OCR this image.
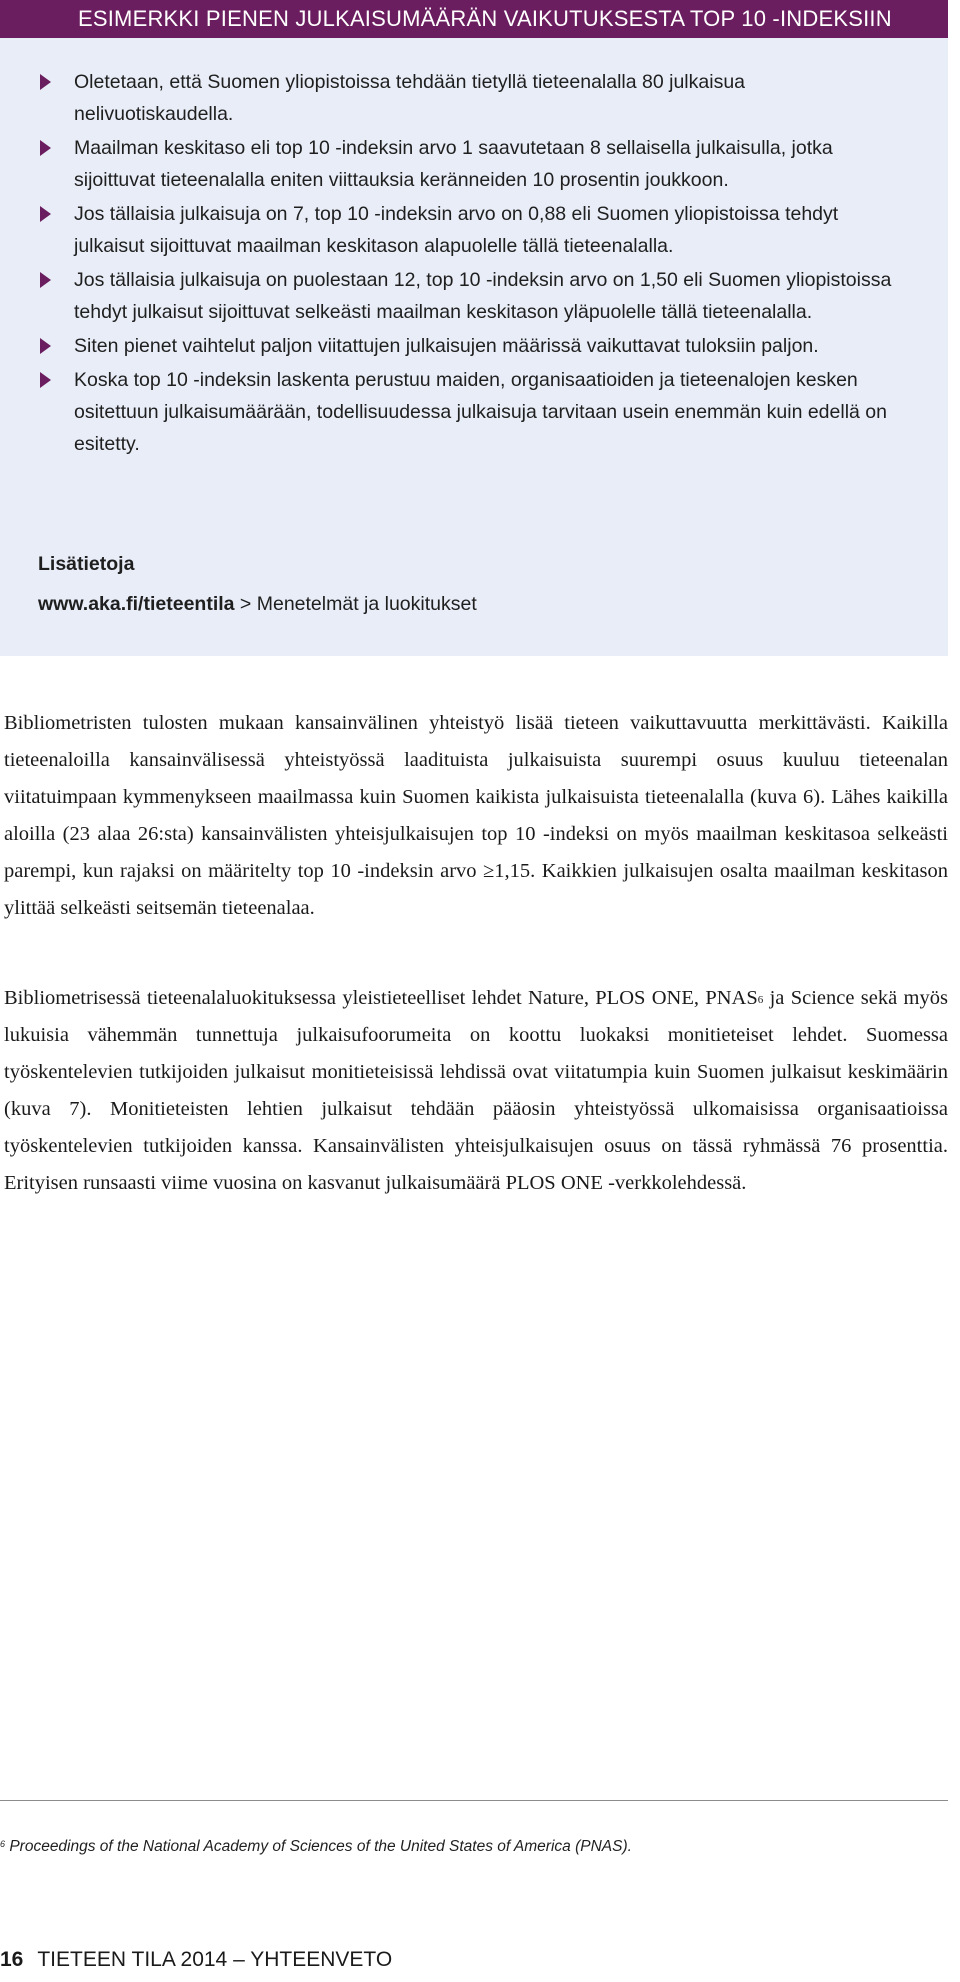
ESIMERKKI PIENEN JULKAISUMÄÄRÄN VAIKUTUKSESTA TOP 10 -INDEKSIIN
Oletetaan, että Suomen yliopistoissa tehdään tietyllä tieteenalalla 80 julkaisua nelivuotiskaudella.
Maailman keskitaso eli top 10 -indeksin arvo 1 saavutetaan 8 sellaisella julkaisulla, jotka sijoittuvat tieteenalalla eniten viittauksia keränneiden 10 prosentin joukkoon.
Jos tällaisia julkaisuja on 7, top 10 -indeksin arvo on 0,88 eli Suomen yliopistoissa tehdyt julkaisut sijoittuvat maailman keskitason alapuolelle tällä tieteenalalla.
Jos tällaisia julkaisuja on puolestaan 12, top 10 -indeksin arvo on 1,50 eli Suomen yliopistoissa tehdyt julkaisut sijoittuvat selkeästi maailman keskitason yläpuolelle tällä tieteenalalla.
Siten pienet vaihtelut paljon viitattujen julkaisujen määrissä vaikuttavat tuloksiin paljon.
Koska top 10 -indeksin laskenta perustuu maiden, organisaatioiden ja tieteenalojen kesken ositettuun julkaisumäärään, todellisuudessa julkaisuja tarvitaan usein enemmän kuin edellä on esitetty.
Lisätietoja
www.aka.fi/tieteentila > Menetelmät ja luokitukset

Bibliometristen tulosten mukaan kansainvälinen yhteistyö lisää tieteen vaikuttavuutta merkittävästi. Kaikilla tieteenaloilla kansainvälisessä yhteistyössä laadituista julkaisuista suurempi osuus kuuluu tieteenalan viitatuimpaan kymmenykseen maailmassa kuin Suomen kaikista julkaisuista tieteenalalla (kuva 6). Lähes kaikilla aloilla (23 alaa 26:sta) kansainvälisten yhteisjulkaisujen top 10 -indeksi on myös maailman keskitasoa selkeästi parempi, kun rajaksi on määritelty top 10 -indeksin arvo ≥1,15. Kaikkien julkaisujen osalta maailman keskitason ylittää selkeästi seitsemän tieteenalaa.

Bibliometrisessä tieteenalaluokituksessa yleistieteelliset lehdet Nature, PLOS ONE, PNAS$^6$ ja Science sekä myös lukuisia vähemmän tunnettuja julkaisufoorumeita on koottu luokaksi monitieteiset lehdet. Suomessa työskentelevien tutkijoiden julkaisut monitieteisissä lehdissä ovat viitatumpia kuin Suomen julkaisut keskimäärin (kuva 7). Monitieteisten lehtien julkaisut tehdään pääosin yhteistyössä ulkomaisissa organisaatioissa työskentelevien tutkijoiden kanssa. Kansainvälisten yhteisjulkaisujen osuus on tässä ryhmässä 76 prosenttia. Erityisen runsaasti viime vuosina on kasvanut julkaisumäärä PLOS ONE -verkkolehdessä.

$^6$ Proceedings of the National Academy of Sciences of the United States of America (PNAS).
16 TIETEEN TILA 2014 – YHTEENVETO
